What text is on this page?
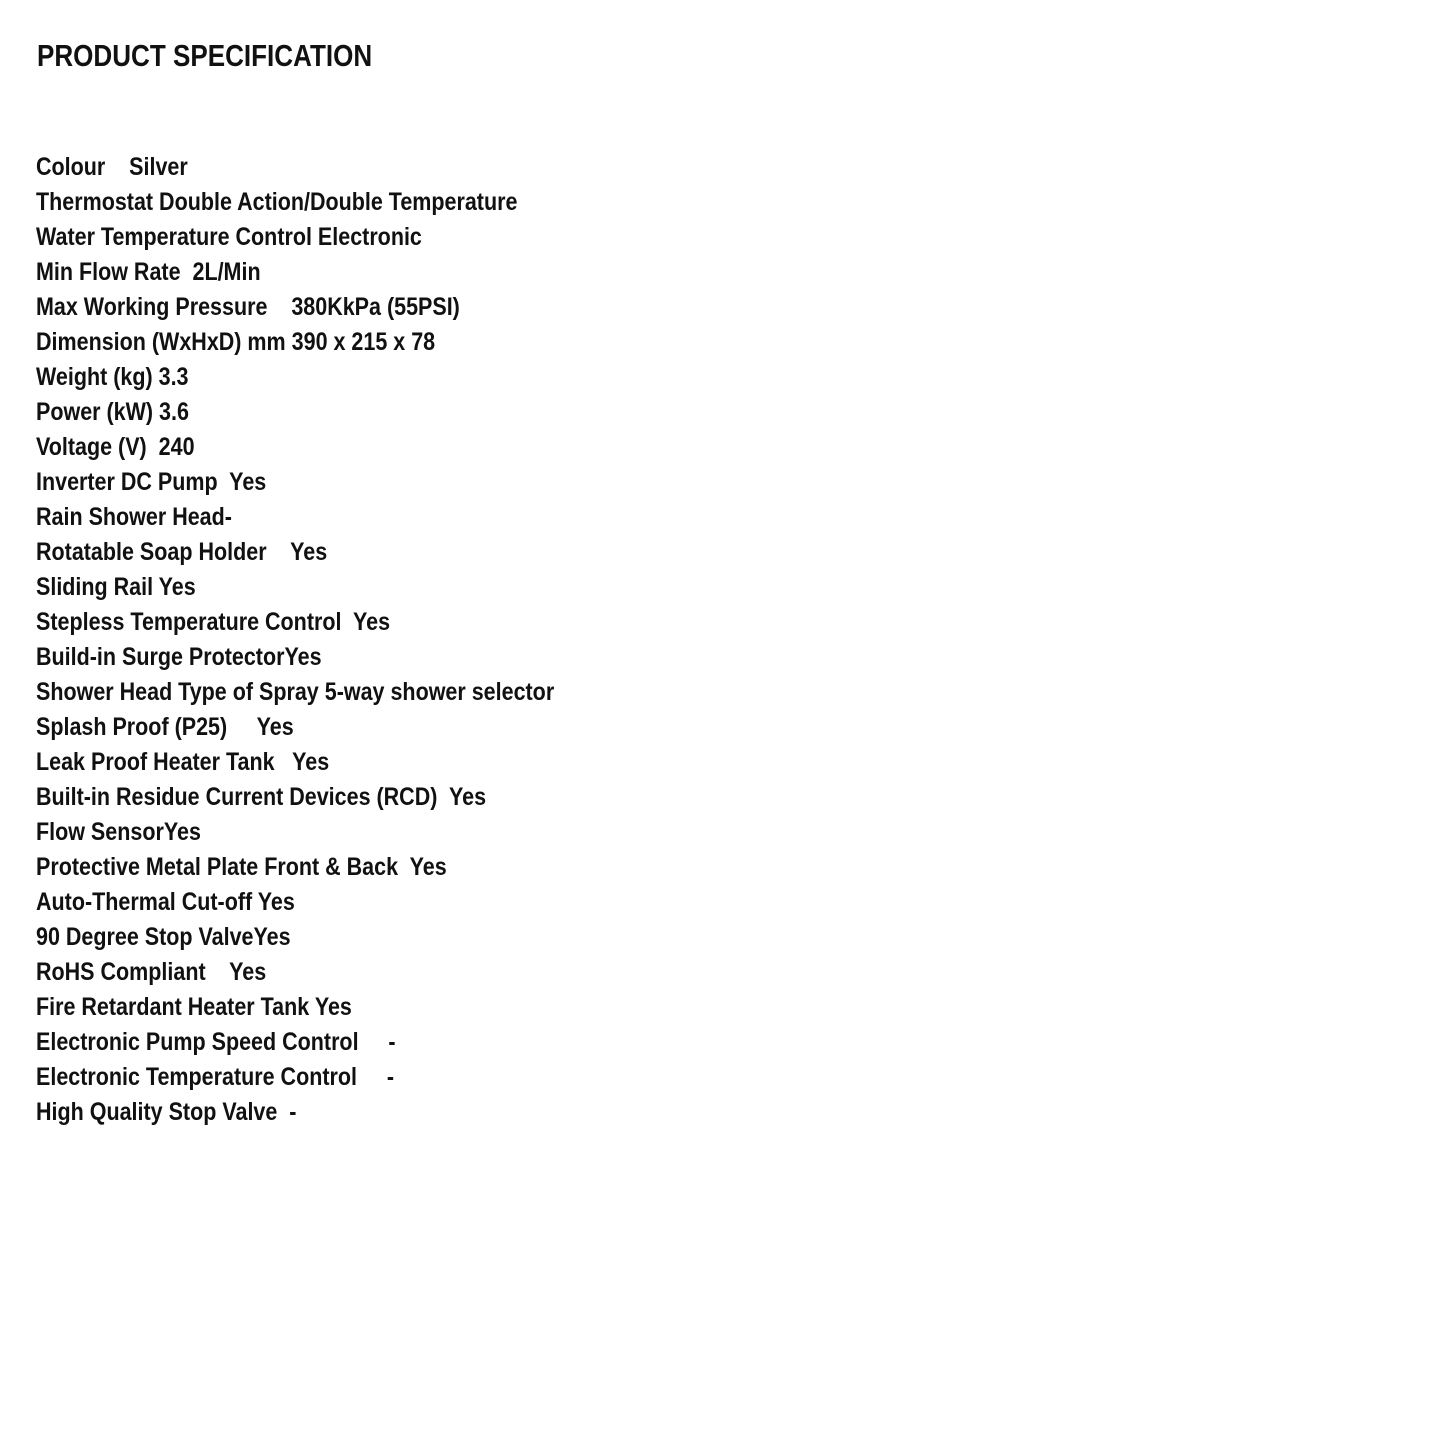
PRODUCT SPECIFICATION
Colour Silver
Thermostat Double Action/Double Temperature
Water Temperature Control Electronic
Min Flow Rate 2L/Min
Max Working Pressure 380KkPa (55PSI)
Dimension (WxHxD) mm 390 x 215 x 78
Weight (kg) 3.3
Power (kW) 3.6
Voltage (V) 240
Inverter DC Pump Yes
Rain Shower Head-
Rotatable Soap Holder Yes
Sliding Rail Yes
Stepless Temperature Control Yes
Build-in Surge ProtectorYes
Shower Head Type of Spray 5-way shower selector
Splash Proof (P25) Yes
Leak Proof Heater Tank Yes
Built-in Residue Current Devices (RCD) Yes
Flow SensorYes
Protective Metal Plate Front & Back Yes
Auto-Thermal Cut-off Yes
90 Degree Stop ValveYes
RoHS Compliant Yes
Fire Retardant Heater Tank Yes
Electronic Pump Speed Control -
Electronic Temperature Control -
High Quality Stop Valve -
